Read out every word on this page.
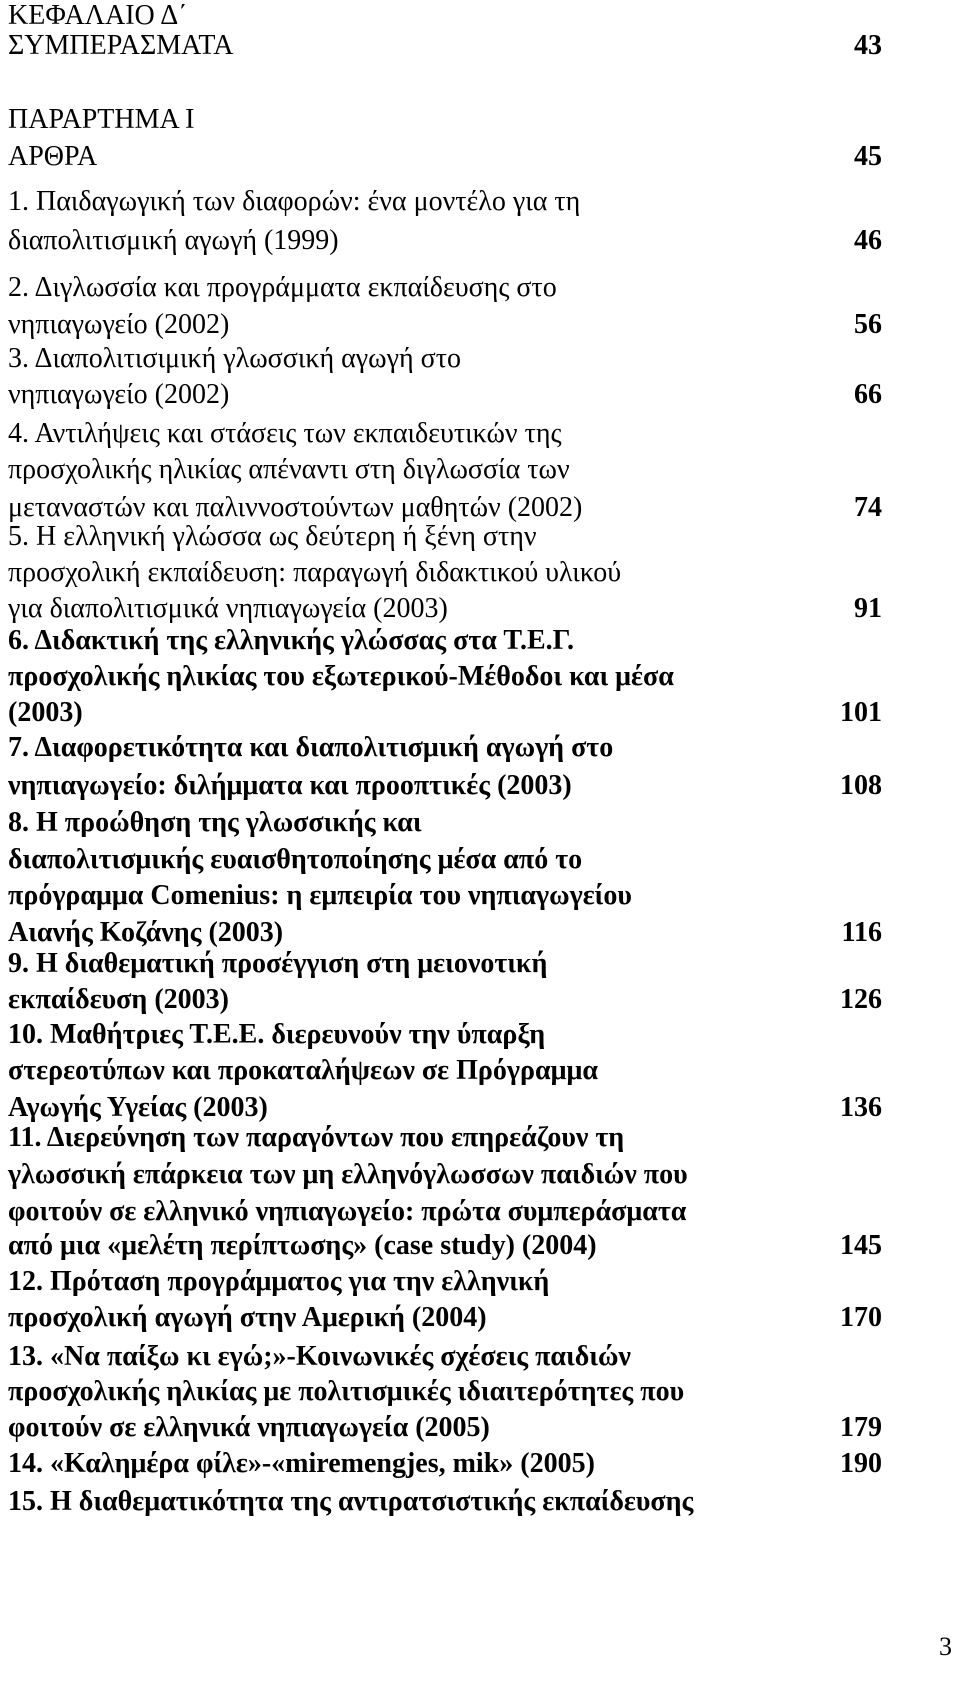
ΚΕΦΑΛΑΙΟ Δ΄
ΣΥΜΠΕΡΑΣΜΑΤΑ	43
ΠΑΡΑΡΤΗΜΑ Ι
ΑΡΘΡΑ	45
1. Παιδαγωγική των διαφορών: ένα μοντέλο για τη
διαπολιτισμική αγωγή (1999)	46
2. Διγλωσσία και προγράμματα εκπαίδευσης στο
νηπιαγωγείο (2002)	56
3. Διαπολιτισιμική γλωσσική αγωγή στο
νηπιαγωγείο (2002)	66
4. Αντιλήψεις και στάσεις των εκπαιδευτικών της
προσχολικής ηλικίας απέναντι στη διγλωσσία των
μεταναστών και παλιννοστούντων μαθητών (2002)	74
5. Η ελληνική γλώσσα ως δεύτερη ή ξένη στην
προσχολική εκπαίδευση: παραγωγή διδακτικού υλικού
για διαπολιτισμικά νηπιαγωγεία (2003)	91
6. Διδακτική της ελληνικής γλώσσας στα Τ.Ε.Γ.
προσχολικής ηλικίας του εξωτερικού-Μέθοδοι και μέσα
(2003)	101
7. Διαφορετικότητα και διαπολιτισμική αγωγή στο
νηπιαγωγείο: διλήμματα και προοπτικές (2003)	108
8. Η προώθηση της γλωσσικής και
διαπολιτισμικής ευαισθητοποίησης μέσα από το
πρόγραμμα Comenius: η εμπειρία του νηπιαγωγείου
Αιανής Κοζάνης (2003)	116
9. Η διαθεματική προσέγγιση στη μειονοτική
εκπαίδευση (2003)	126
10. Μαθήτριες Τ.Ε.Ε. διερευνούν την ύπαρξη
στερεοτύπων και προκαταλήψεων σε Πρόγραμμα
Αγωγής Υγείας (2003)	136
11. Διερεύνηση των παραγόντων που επηρεάζουν τη
γλωσσική επάρκεια των μη ελληνόγλωσσων παιδιών που
φοιτούν σε ελληνικό νηπιαγωγείο: πρώτα συμπεράσματα
από μια «μελέτη περίπτωσης» (case study) (2004)	145
12. Πρόταση προγράμματος για την ελληνική
προσχολική αγωγή στην Αμερική (2004)	170
13. «Να παίξω κι εγώ;»-Κοινωνικές σχέσεις παιδιών
προσχολικής ηλικίας με πολιτισμικές ιδιαιτερότητες που
φοιτούν σε ελληνικά νηπιαγωγεία (2005)	179
14. «Καλημέρα φίλε»-«miremengjes, mik» (2005)	190
15. Η διαθεματικότητα της αντιρατσιστικής εκπαίδευσης
3
